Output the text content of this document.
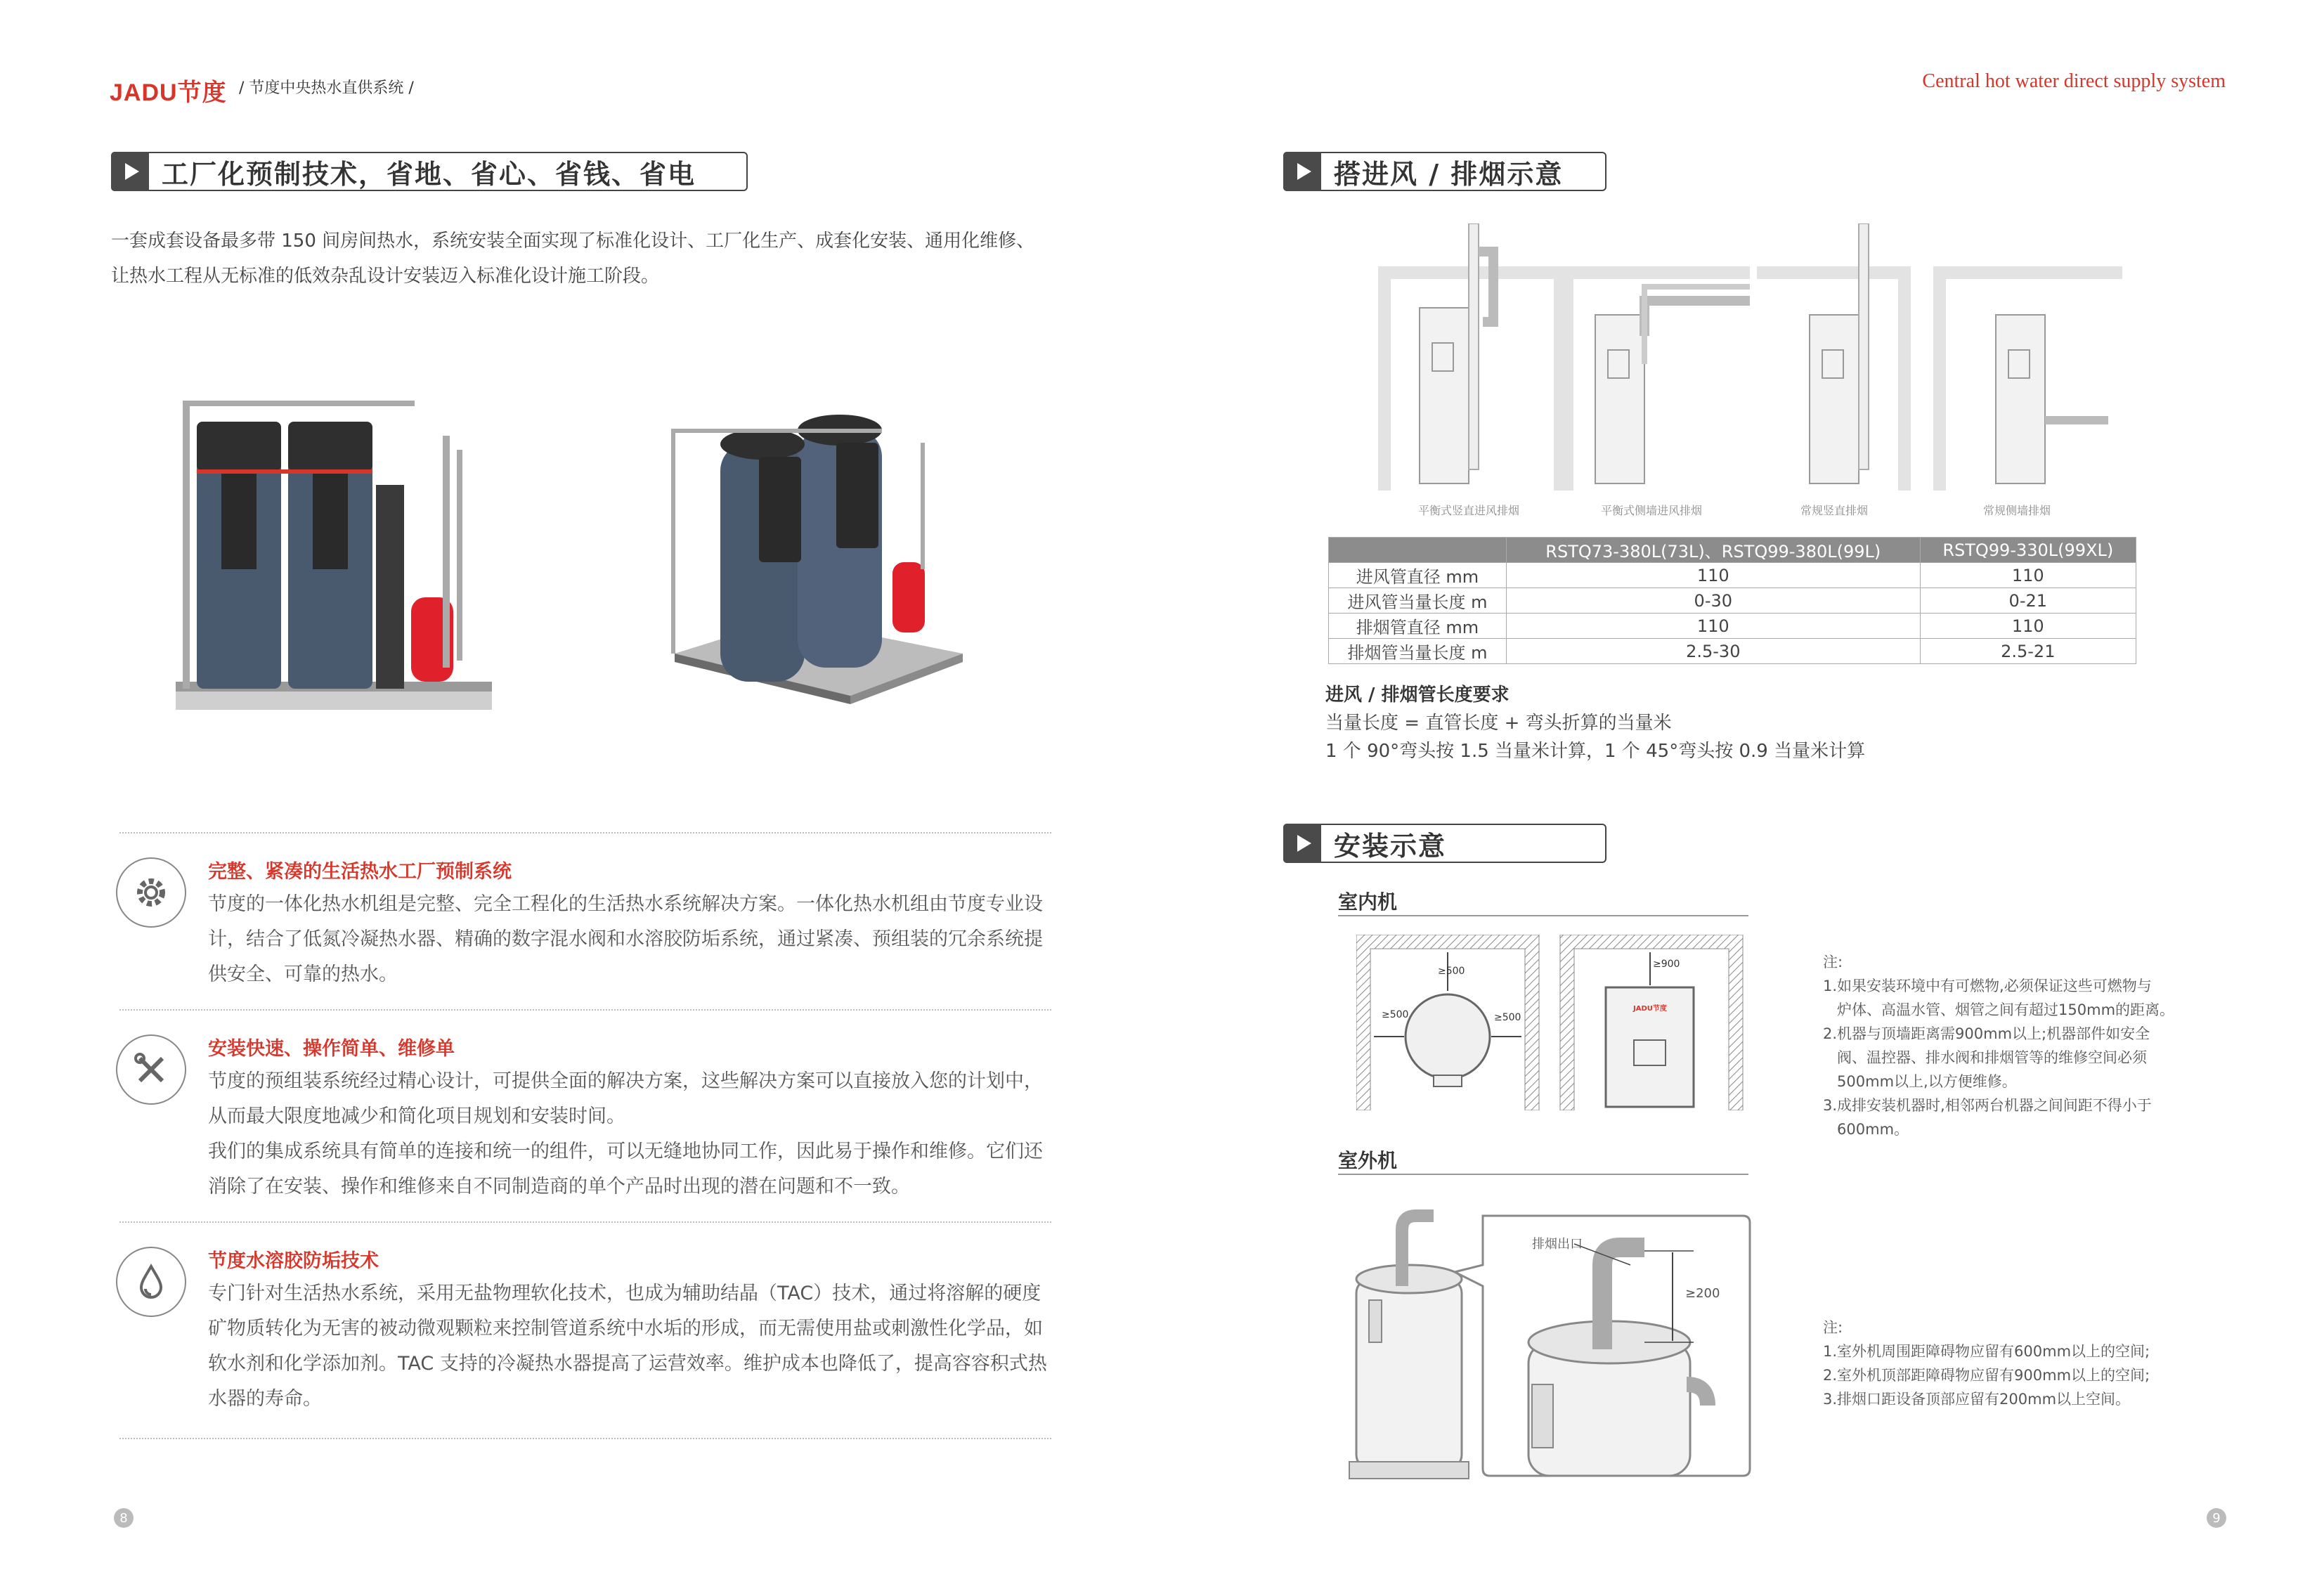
JADU节度 / 节度中央热水直供系统 /	Central hot water direct supply system
工厂化预制技术，省地、省心、省钱、省电
一套成套设备最多带 150 间房间热水，系统安装全面实现了标准化设计、工厂化生产、成套化安装、通用化维修、让热水工程从无标准的低效杂乱设计安装迈入标准化设计施工阶段。
完整、紧凑的生活热水工厂预制系统
节度的一体化热水机组是完整、完全工程化的生活热水系统解决方案。一体化热水机组由节度专业设计，结合了低氮冷凝热水器、精确的数字混水阀和水溶胶防垢系统，通过紧凑、预组装的冗余系统提供安全、可靠的热水。
安装快速、操作简单、维修单
节度的预组装系统经过精心设计，可提供全面的解决方案，这些解决方案可以直接放入您的计划中，从而最大限度地减少和简化项目规划和安装时间。
我们的集成系统具有简单的连接和统一的组件，可以无缝地协同工作，因此易于操作和维修。它们还消除了在安装、操作和维修来自不同制造商的单个产品时出现的潜在问题和不一致。
节度水溶胶防垢技术
专门针对生活热水系统，采用无盐物理软化技术，也成为辅助结晶（TAC）技术，通过将溶解的硬度矿物质转化为无害的被动微观颗粒来控制管道系统中水垢的形成，而无需使用盐或刺激性化学品，如软水剂和化学添加剂。TAC 支持的冷凝热水器提高了运营效率。维护成本也降低了，提高容容积式热水器的寿命。
8
搭进风 / 排烟示意
平衡式竖直进风排烟	平衡式侧墙进风排烟	常规竖直排烟	常规侧墙排烟
	RSTQ73-380L(73L)、RSTQ99-380L(99L)	RSTQ99-330L(99XL)
进风管直径 mm	110	110
进风管当量长度 m	0-30	0-21
排烟管直径 mm	110	110
排烟管当量长度 m	2.5-30	2.5-21
进风 / 排烟管长度要求
当量长度 = 直管长度 + 弯头折算的当量米
1 个 90°弯头按 1.5 当量米计算，1 个 45°弯头按 0.9 当量米计算
安装示意
室内机
≥500
≥500	≥500
≥900
JADU节度
注:
1.如果安装环境中有可燃物,必须保证这些可燃物与
炉体、高温水管、烟管之间有超过150mm的距离。
2.机器与顶墙距离需900mm以上;机器部件如安全
阀、温控器、排水阀和排烟管等的维修空间必须
500mm以上,以方便维修。
3.成排安装机器时,相邻两台机器之间间距不得小于
600mm。
室外机
排烟出口
≥200
注:
1.室外机周围距障碍物应留有600mm以上的空间;
2.室外机顶部距障碍物应留有900mm以上的空间;
3.排烟口距设备顶部应留有200mm以上空间。
9
